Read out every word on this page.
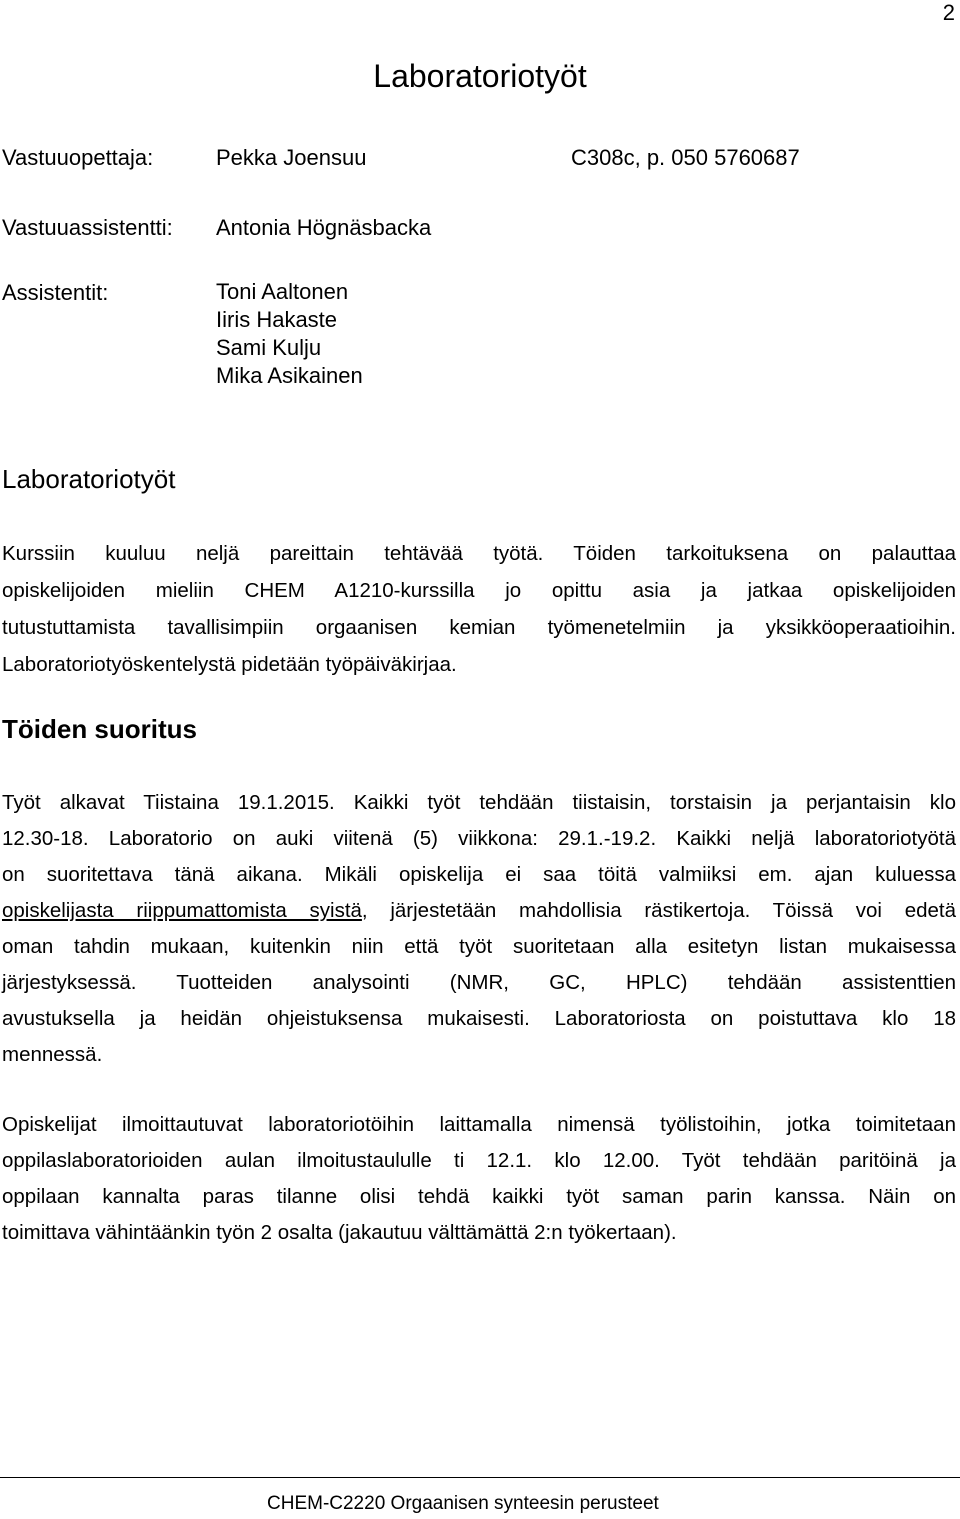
2
Laboratoriotyöt
Vastuuopettaja:	Pekka Joensuu	C308c, p. 050 5760687
Vastuuassistentti: Antonia Högnäsbacka
Assistentit:	Toni Aaltonen
Iiris Hakaste
Sami Kulju
Mika Asikainen
Laboratoriotyöt
Kurssiin kuuluu neljä pareittain tehtävää työtä. Töiden tarkoituksena on palauttaa
opiskelijoiden mieliin CHEM A1210-kurssilla jo opittu asia ja jatkaa opiskelijoiden
tutustuttamista tavallisimpiin orgaanisen kemian työmenetelmiin ja yksikköoperaatioihin.
Laboratoriotyöskentelystä pidetään työpäiväkirjaa.
Töiden suoritus
Työt alkavat Tiistaina 19.1.2015. Kaikki työt tehdään tiistaisin, torstaisin ja perjantaisin klo
12.30-18. Laboratorio on auki viitenä (5) viikkona: 29.1.-19.2. Kaikki neljä laboratoriotyötä
on suoritettava tänä aikana. Mikäli opiskelija ei saa töitä valmiiksi em. ajan kuluessa
opiskelijasta riippumattomista syistä, järjestetään mahdollisia rästikertoja. Töissä voi edetä
oman tahdin mukaan, kuitenkin niin että työt suoritetaan alla esitetyn listan mukaisessa
järjestyksessä. Tuotteiden analysointi (NMR, GC, HPLC) tehdään assistenttien
avustuksella ja heidän ohjeistuksensa mukaisesti. Laboratoriosta on poistuttava klo 18
mennessä.
Opiskelijat ilmoittautuvat laboratoriotöihin laittamalla nimensä työlistoihin, jotka toimitetaan
oppilaslaboratorioiden aulan ilmoitustaululle ti 12.1. klo 12.00. Työt tehdään paritöinä ja
oppilaan kannalta paras tilanne olisi tehdä kaikki työt saman parin kanssa. Näin on
toimittava vähintäänkin työn 2 osalta (jakautuu välttämättä 2:n työkertaan).
CHEM-C2220 Orgaanisen synteesin perusteet
